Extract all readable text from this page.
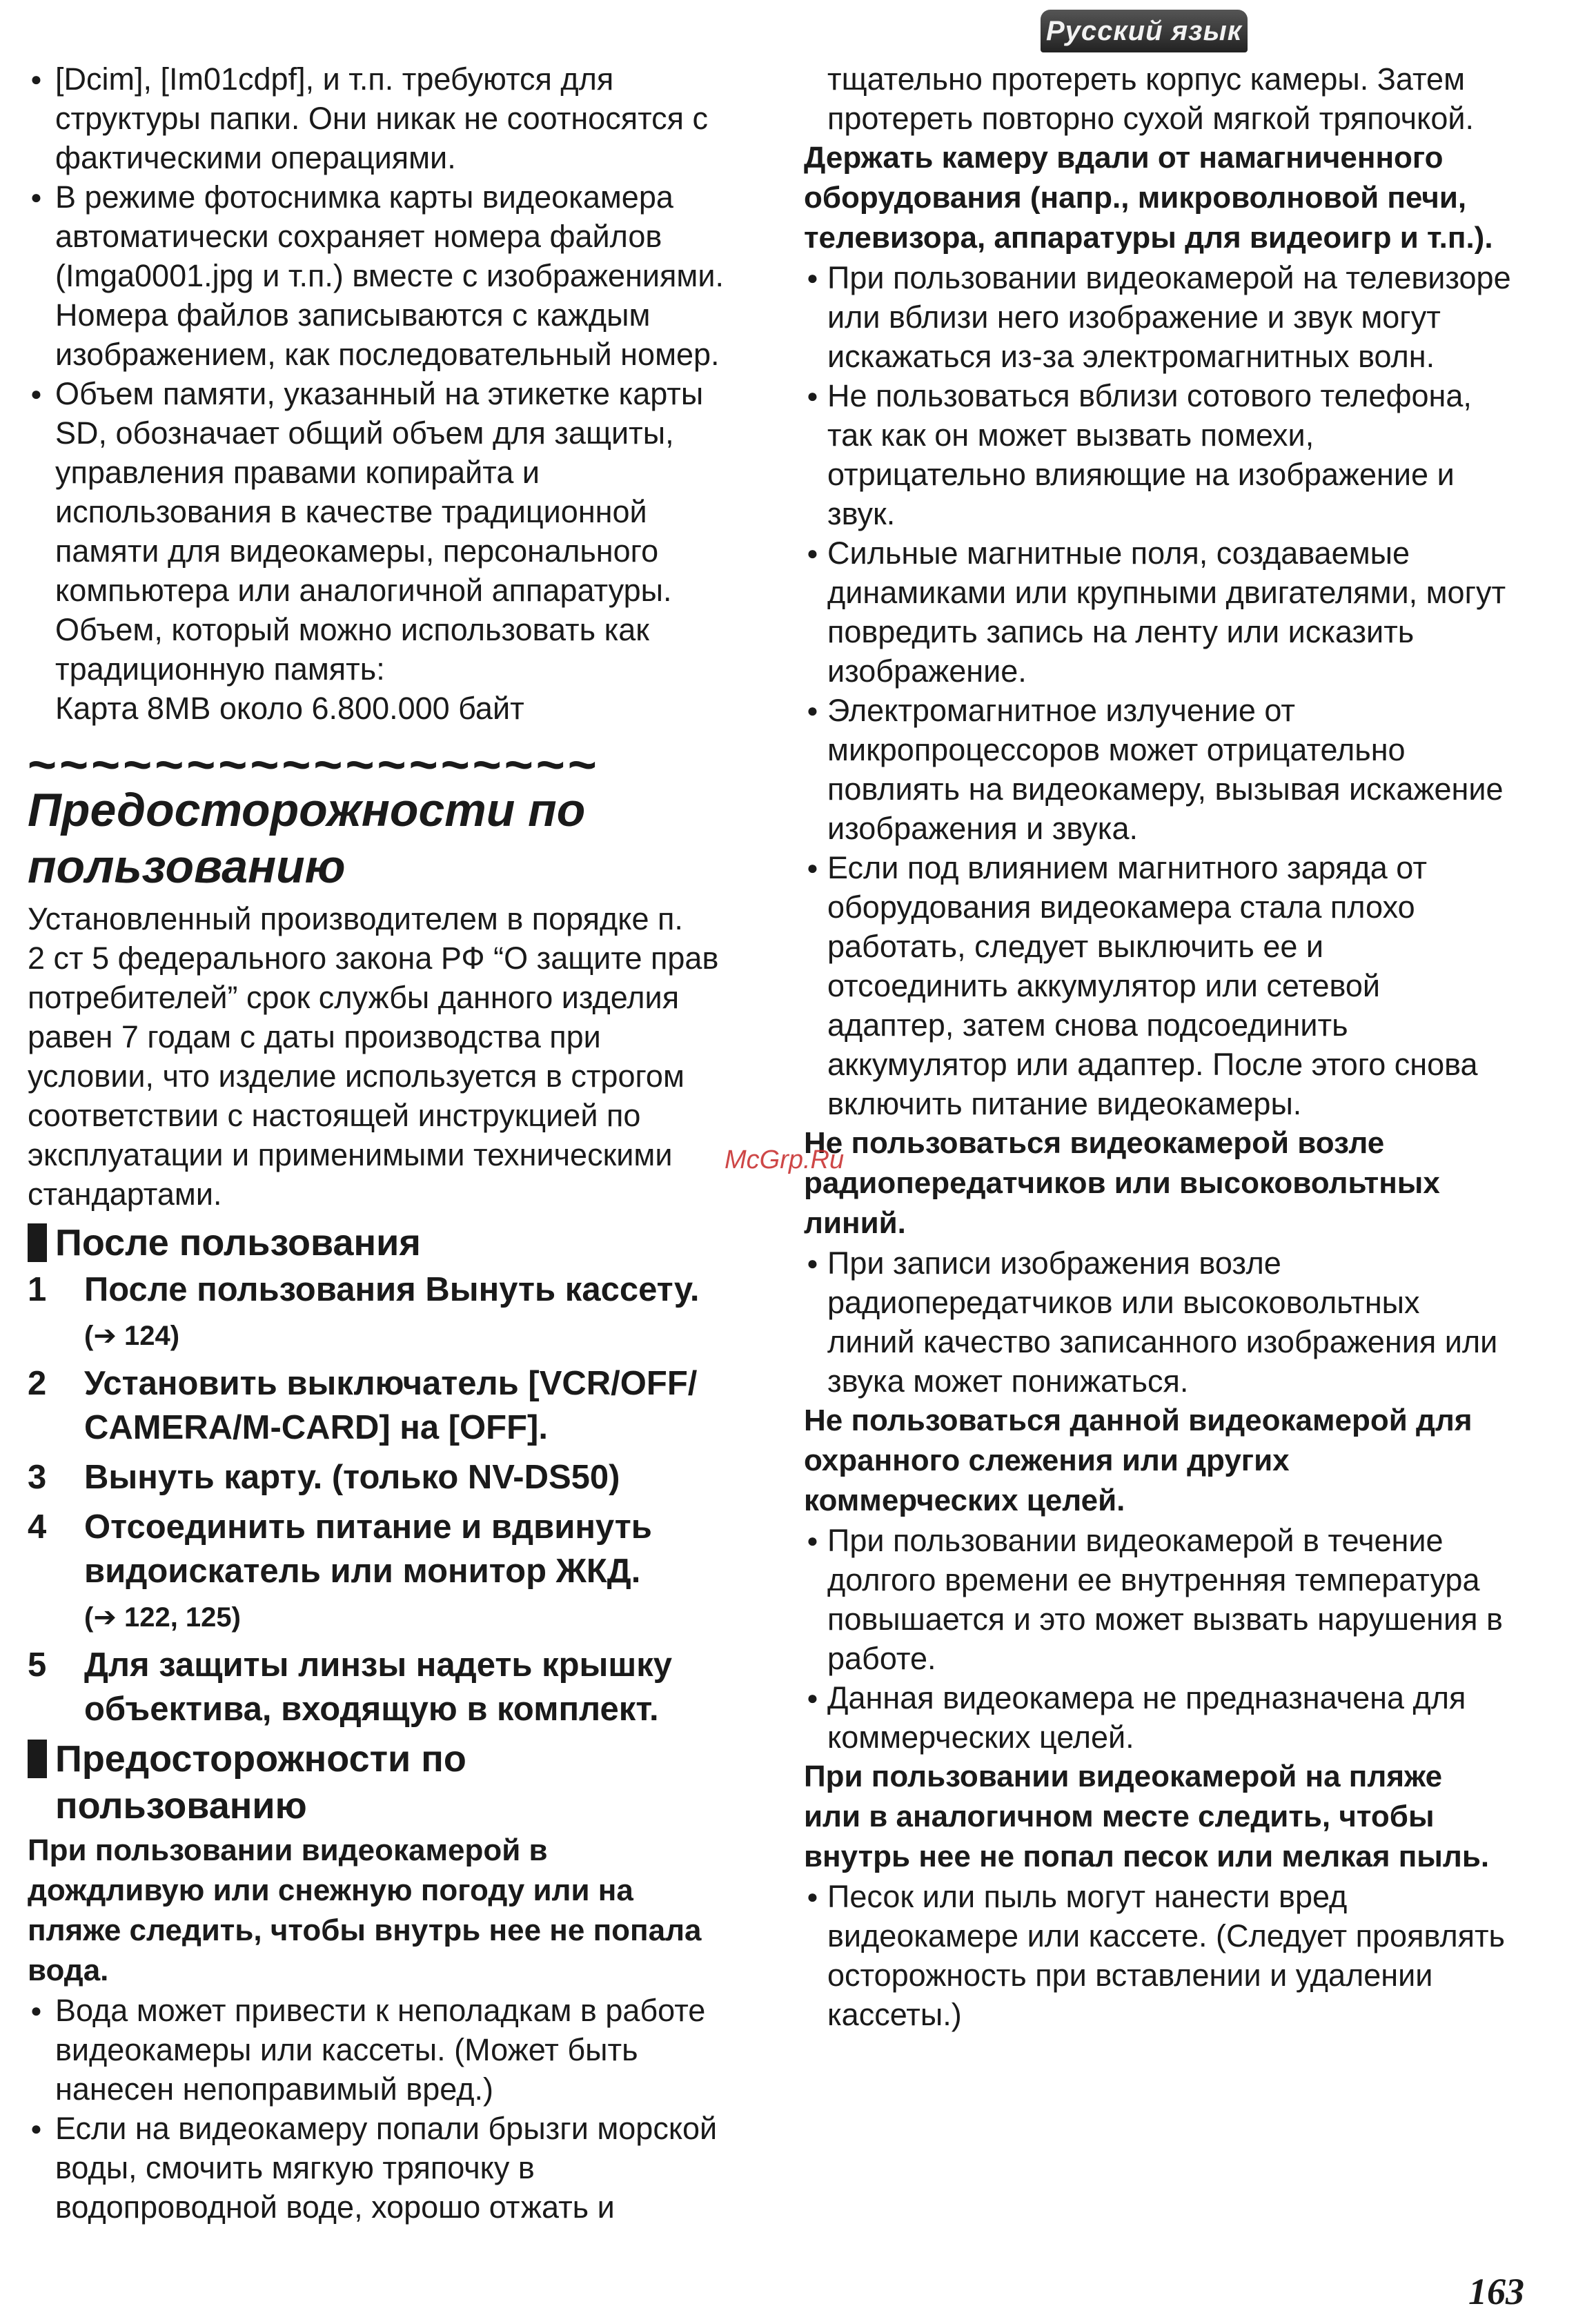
Русский язык

● [Dcim], [Im01cdpf], и т.п. требуются для
структуры папки. Они никак не соотносятся с
фактическими операциями.

● В режиме фотоснимка карты видеокамера
автоматически сохраняет номера файлов
(Imga0001.jpg и т.п.) вместе с изображениями.
Номера файлов записываются с каждым
изображением, как последовательный номер.

● Объем памяти, указанный на этикетке карты
SD, обозначает общий объем для защиты,
управления правами копирайта и
использования в качестве традиционной
памяти для видеокамеры, персонального
компьютера или аналогичной аппаратуры.
Объем, который можно использовать как
традиционную память:
Карта 8MB около 6.800.000 байт

~~~~~~~~~~~~~~~~~~

Предосторожности по
пользованию

Установленный производителем в порядке п.
2 ст 5 федерального закона РФ “О защите прав
потребителей” срок службы данного изделия
равен 7 годам с даты производства при
условии, что изделие используется в строгом
соответствии с настоящей инструкцией по
эксплуатации и применимыми техническими
стандартами.

После пользования
1	После пользования Вынуть кассету.
(➔ 124)
2	Установить выключатель [VCR/OFF/
CAMERA/M-CARD] на [OFF].
3	Вынуть карту. (только NV-DS50)
4	Отсоединить питание и вдвинуть
видоискатель или монитор ЖКД.
(➔ 122, 125)
5	Для защиты линзы надеть крышку
объектива, входящую в комплект.
Предосторожности по
пользованию

При пользовании видеокамерой в
дождливую или снежную погоду или на
пляже следить, чтобы внутрь нее не попала
вода.

● Вода может привести к неполадкам в работе
видеокамеры или кассеты. (Может быть
нанесен непоправимый вред.)

● Если на видеокамеру попали брызги морской
воды, смочить мягкую тряпочку в
водопроводной воде, хорошо отжать и

тщательно протереть корпус камеры. Затем
протереть повторно сухой мягкой тряпочкой.

Держать камеру вдали от намагниченного
оборудования (напр., микроволновой печи,
телевизора, аппаратуры для видеоигр и т.п.).

● При пользовании видеокамерой на телевизоре
или вблизи него изображение и звук могут
искажаться из-за электромагнитных волн.

● Не пользоваться вблизи сотового телефона,
так как он может вызвать помехи,
отрицательно влияющие на изображение и
звук.

● Сильные магнитные поля, создаваемые
динамиками или крупными двигателями, могут
повредить запись на ленту или исказить
изображение.

● Электромагнитное излучение от
микропроцессоров может отрицательно
повлиять на видеокамеру, вызывая искажение
изображения и звука.

● Если под влиянием магнитного заряда от
оборудования видеокамера стала плохо
работать, следует выключить ее и
отсоединить аккумулятор или сетевой
адаптер, затем снова подсоединить
аккумулятор или адаптер. После этого снова
включить питание видеокамеры.

Не пользоваться видеокамерой возле
радиопередатчиков или высоковольтных
линий.

● При записи изображения возле
радиопередатчиков или высоковольтных
линий качество записанного изображения или
звука может понижаться.

Не пользоваться данной видеокамерой для
охранного слежения или других
коммерческих целей.

● При пользовании видеокамерой в течение
долгого времени ее внутренняя температура
повышается и это может вызвать нарушения в
работе.

● Данная видеокамера не предназначена для
коммерческих целей.

При пользовании видеокамерой на пляже
или в аналогичном месте следить, чтобы
внутрь нее не попал песок или мелкая пыль.

● Песок или пыль могут нанести вред
видеокамере или кассете. (Следует проявлять
осторожность при вставлении и удалении
кассеты.)

McGrp.Ru
163
